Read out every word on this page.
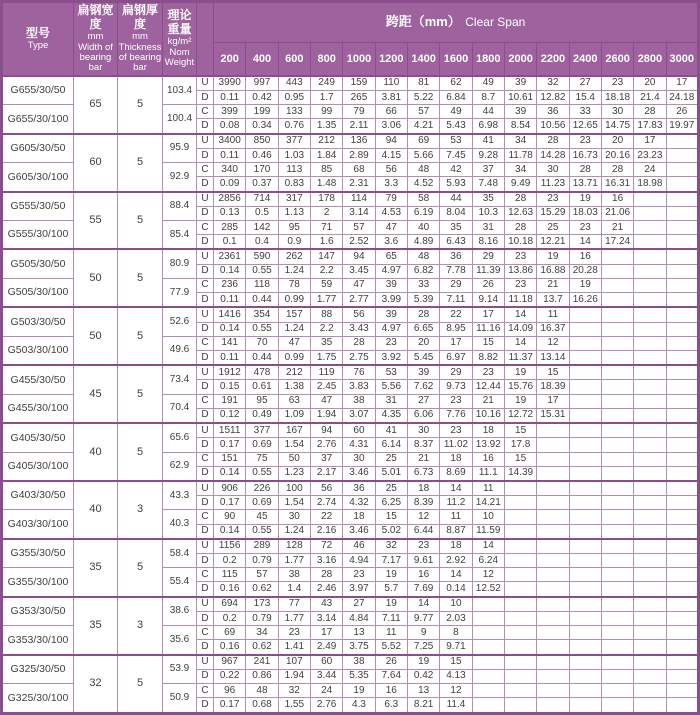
型号
Type	扁钢宽度
mm
Width of bearing bar	扁钢厚度
mm
Thickness of bearing bar	理论重量
kg/m²
Nom Weight		跨距（mm） Clear Span														
					200	400	600	800	1000	1200	1400	1600	1800	2000	2200	2400	2600	2800	3000
G655/30/50	65	5	103.4	U	3990	997	443	249	159	110	81	62	49	39	32	27	23	20	17
				D	0.11	0.42	0.95	1.7	265	3.81	5.22	6.84	8.7	10.61	12.82	15.4	18.18	21.4	24.18
G655/30/100			100.4	C	399	199	133	99	79	66	57	49	44	39	36	33	30	28	26
				D	0.08	0.34	0.76	1.35	2.11	3.06	4.21	5.43	6.98	8.54	10.56	12.65	14.75	17.83	19.97
G605/30/50	60	5	95.9	U	3400	850	377	212	136	94	69	53	41	34	28	23	20	17	
				D	0.11	0.46	1.03	1.84	2.89	4.15	5.66	7.45	9.28	11.78	14.28	16.73	20.16	23.23	
G605/30/100			92.9	C	340	170	113	85	68	56	48	42	37	34	30	28	28	24	
				D	0.09	0.37	0.83	1.48	2.31	3.3	4.52	5.93	7.48	9.49	11.23	13.71	16.31	18.98	
G555/30/50	55	5	88.4	U	2856	714	317	178	114	79	58	44	35	28	23	19	16		
				D	0.13	0.5	1.13	2	3.14	4.53	6.19	8.04	10.3	12.63	15.29	18.03	21.06		
G555/30/100			85.4	C	285	142	95	71	57	47	40	35	31	28	25	23	21		
				D	0.1	0.4	0.9	1.6	2.52	3.6	4.89	6.43	8.16	10.18	12.21	14	17.24		
G505/30/50	50	5	80.9	U	2361	590	262	147	94	65	48	36	29	23	19	16			
				D	0.14	0.55	1.24	2.2	3.45	4.97	6.82	7.78	11.39	13.86	16.88	20.28			
G505/30/100			77.9	C	236	118	78	59	47	39	33	29	26	23	21	19			
				D	0.11	0.44	0.99	1.77	2.77	3.99	5.39	7.11	9.14	11.18	13.7	16.26			
G503/30/50	50	5	52.6	U	1416	354	157	88	56	39	28	22	17	14	11				
				D	0.14	0.55	1.24	2.2	3.43	4.97	6.65	8.95	11.16	14.09	16.37				
G503/30/100			49.6	C	141	70	47	35	28	23	20	17	15	14	12				
				D	0.11	0.44	0.99	1.75	2.75	3.92	5.45	6.97	8.82	11.37	13.14				
G455/30/50	45	5	73.4	U	1912	478	212	119	76	53	39	29	23	19	15				
				D	0.15	0.61	1.38	2.45	3.83	5.56	7.62	9.73	12.44	15.76	18.39				
G455/30/100			70.4	C	191	95	63	47	38	31	27	23	21	19	17				
				D	0.12	0.49	1.09	1.94	3.07	4.35	6.06	7.76	10.16	12.72	15.31				
G405/30/50	40	5	65.6	U	1511	377	167	94	60	41	30	23	18	15					
				D	0.17	0.69	1.54	2.76	4.31	6.14	8.37	11.02	13.92	17.8					
G405/30/100			62.9	C	151	75	50	37	30	25	21	18	16	15					
				D	0.14	0.55	1.23	2.17	3.46	5.01	6.73	8.69	11.1	14.39					
G403/30/50	40	3	43.3	U	906	226	100	56	36	25	18	14	11						
				D	0.17	0.69	1.54	2.74	4.32	6.25	8.39	11.2	14.21						
G403/30/100			40.3	C	90	45	30	22	18	15	12	11	10						
				D	0.14	0.55	1.24	2.16	3.46	5.02	6.44	8.87	11.59						
G355/30/50	35	5	58.4	U	1156	289	128	72	46	32	23	18	14						
				D	0.2	0.79	1.77	3.16	4.94	7.17	9.61	2.92	6.24						
G355/30/100			55.4	C	115	57	38	28	23	19	16	14	12						
				D	0.16	0.62	1.4	2.46	3.97	5.7	7.69	0.14	12.52						
G353/30/50	35	3	38.6	U	694	173	77	43	27	19	14	10							
				D	0.2	0.79	1.77	3.14	4.84	7.11	9.77	2.03							
G353/30/100			35.6	C	69	34	23	17	13	11	9	8							
				D	0.16	0.62	1.41	2.49	3.75	5.52	7.25	9.71							
G325/30/50	32	5	53.9	U	967	241	107	60	38	26	19	15							
				D	0.22	0.86	1.94	3.44	5.35	7.64	0.42	4.13							
G325/30/100			50.9	C	96	48	32	24	19	16	13	12							
				D	0.17	0.68	1.55	2.76	4.3	6.3	8.21	11.4							
